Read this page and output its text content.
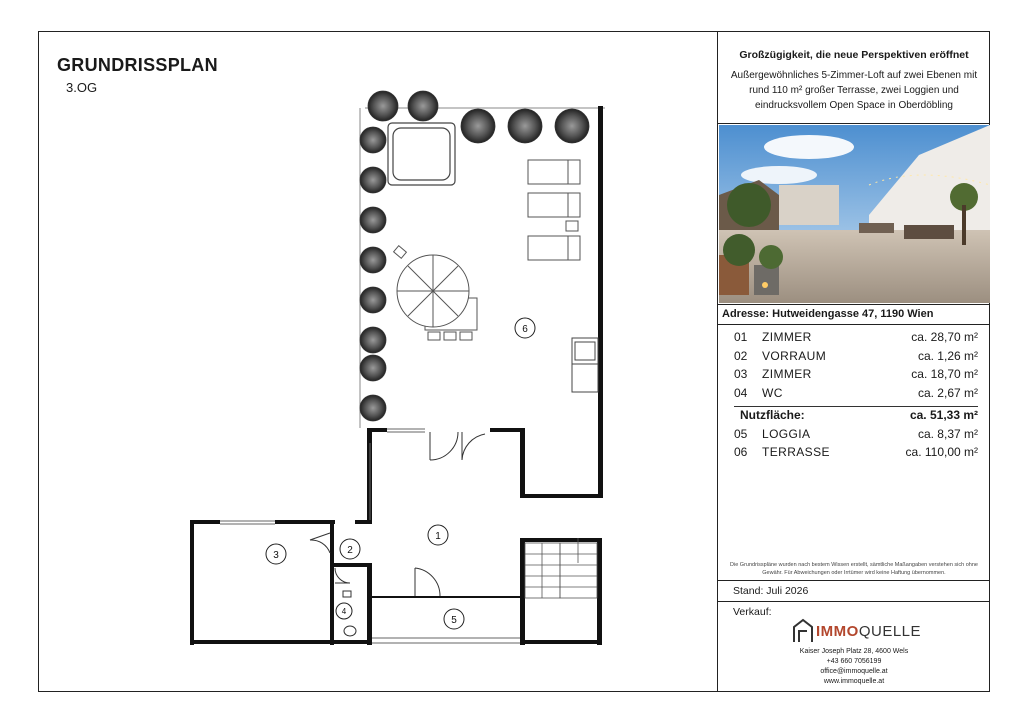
GRUNDRISSPLAN
3.OG
1
2
3
4
5
6
Großzügigkeit, die neue Perspektiven eröffnet
Außergewöhnliches 5-Zimmer-Loft auf zwei Ebenen mit rund 110 m² großer Terrasse, zwei Loggien und eindrucksvollem Open Space in Oberdöbling
Adresse: Hutweidengasse 47, 1190 Wien
01 ZIMMER	ca. 28,70 m²
02 VORRAUM	ca. 1,26 m²
03 ZIMMER	ca. 18,70 m²
04 WC	ca. 2,67 m²
Nutzfläche:	ca. 51,33 m²
05 LOGGIA	ca. 8,37 m²
06 TERRASSE	ca. 110,00 m²
Die Grundrisspläne wurden nach bestem Wissen erstellt, sämtliche Maßangaben verstehen sich ohne Gewähr. Für Abweichungen oder Irrtümer wird keine Haftung übernommen.
Stand: Juli 2026
Verkauf:
IMMOQUELLE
Kaiser Joseph Platz 28, 4600 Wels
+43 660 7056199
office@immoquelle.at
www.immoquelle.at
